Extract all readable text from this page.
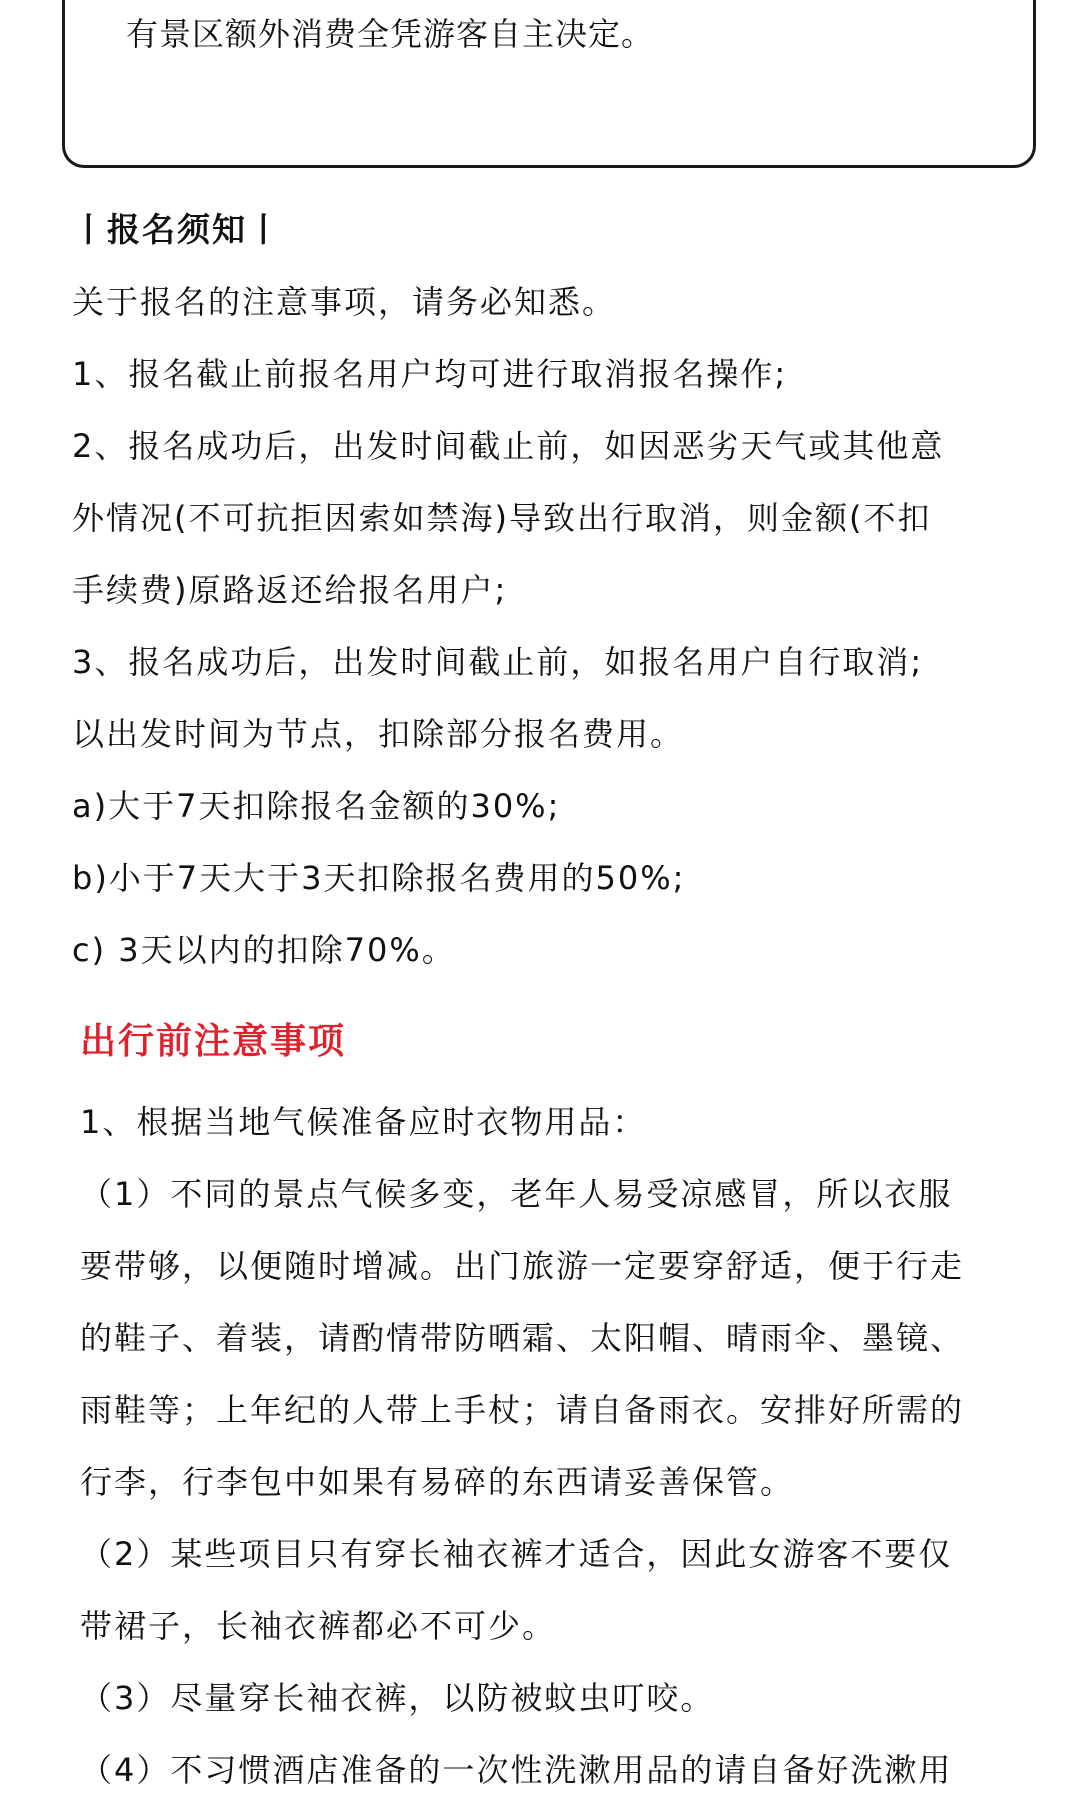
有景区额外消费全凭游客自主决定。
丨报名须知丨
关于报名的注意事项，请务必知悉。
1、报名截止前报名用户均可进行取消报名操作;
2、报名成功后，出发时间截止前，如因恶劣天气或其他意
外情况(不可抗拒因索如禁海)导致出行取消，则金额(不扣
手续费)原路返还给报名用户;
3、报名成功后，出发时间截止前，如报名用户自行取消;
以出发时间为节点，扣除部分报名费用。
a)大于7天扣除报名金额的30%;
b)小于7天大于3天扣除报名费用的50%;
c) 3天以内的扣除70%。
出行前注意事项
1、根据当地气候准备应时衣物用品：
（1）不同的景点气候多变，老年人易受凉感冒，所以衣服
要带够，以便随时增减。出门旅游一定要穿舒适，便于行走
的鞋子、着装，请酌情带防晒霜、太阳帽、晴雨伞、墨镜、
雨鞋等；上年纪的人带上手杖；请自备雨衣。安排好所需的
行李，行李包中如果有易碎的东西请妥善保管。
（2）某些项目只有穿长袖衣裤才适合，因此女游客不要仅
带裙子，长袖衣裤都必不可少。
（3）尽量穿长袖衣裤，以防被蚊虫叮咬。
（4）不习惯酒店准备的一次性洗漱用品的请自备好洗漱用
